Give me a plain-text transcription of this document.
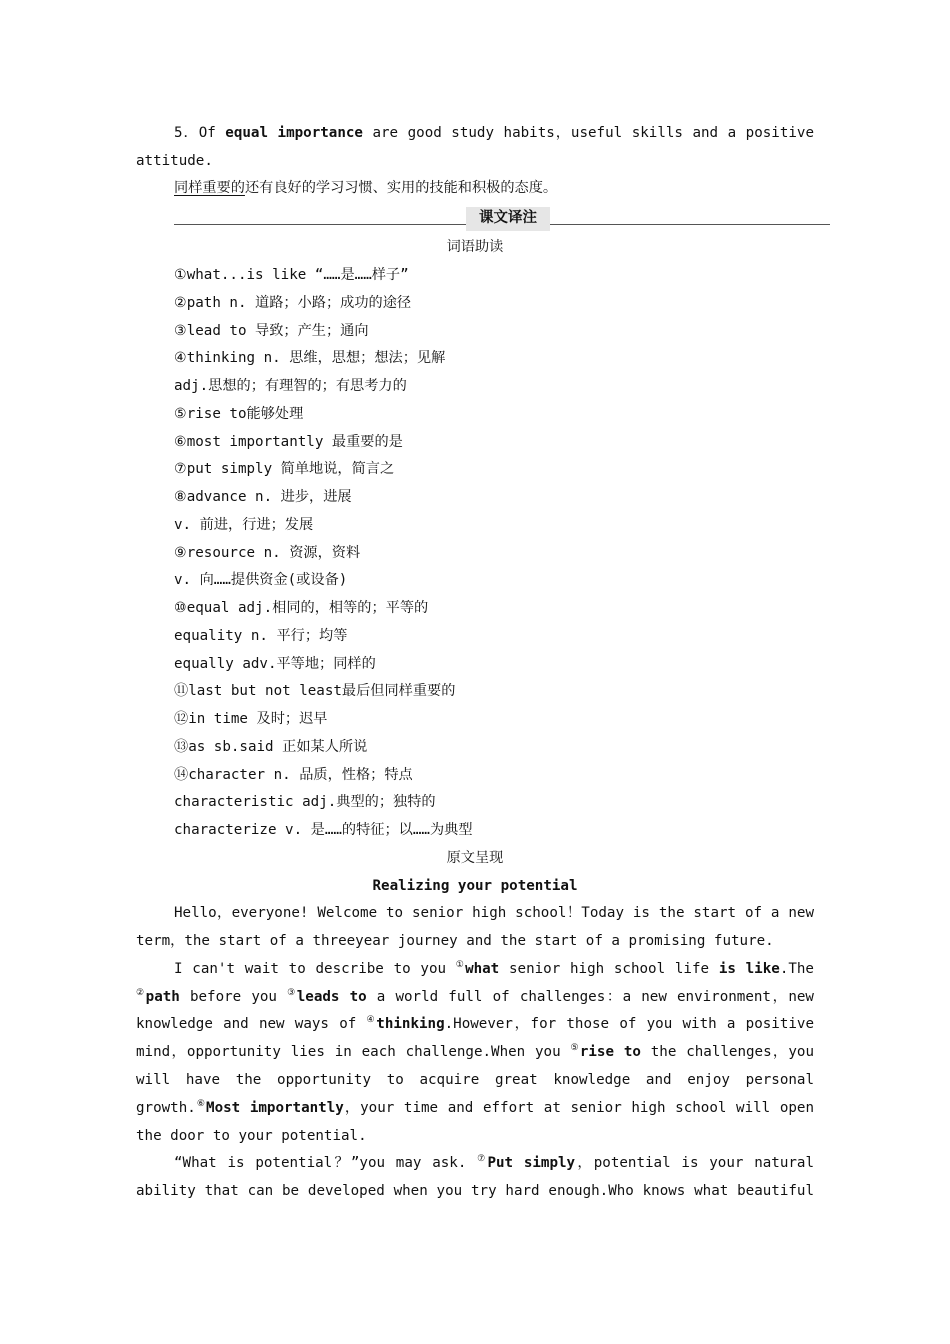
5．Of equal importance are good study habits，useful skills and a positive
attitude.
同样重要的还有良好的学习习惯、实用的技能和积极的态度。
课文译注
词语助读
①what...is like “……是……样子”
②path n. 道路；小路；成功的途径
③lead to 导致；产生；通向
④thinking n. 思维，思想；想法；见解
adj.思想的；有理智的；有思考力的
⑤rise to能够处理
⑥most importantly 最重要的是
⑦put simply 简单地说，简言之
⑧advance n. 进步，进展
v. 前进，行进；发展
⑨resource n. 资源，资料
v. 向……提供资金(或设备)
⑩equal adj.相同的，相等的；平等的
equality n. 平行；均等
equally adv.平等地；同样的
⑪last but not least最后但同样重要的
⑫in time 及时；迟早
⑬as sb.said 正如某人所说
⑭character n. 品质，性格；特点
characteristic adj.典型的；独特的
characterize v. 是……的特征；以……为典型
原文呈现
Realizing your potential
Hello，everyone! Welcome to senior high school！Today is the start of a new
term，the start of a threeyear journey and the start of a promising future.
I can't wait to describe to you ①what senior high school life is like.The
②path before you ③leads to a world full of challenges：a new environment，new
knowledge and new ways of ④thinking.However，for those of you with a positive
mind，opportunity lies in each challenge.When you ⑤rise to the challenges，you
will have the opportunity to acquire great knowledge and enjoy personal
growth.⑥Most importantly，your time and effort at senior high school will open
the door to your potential.
“What is potential？”you may ask. ⑦Put simply，potential is your natural
ability that can be developed when you try hard enough.Who knows what beautiful
